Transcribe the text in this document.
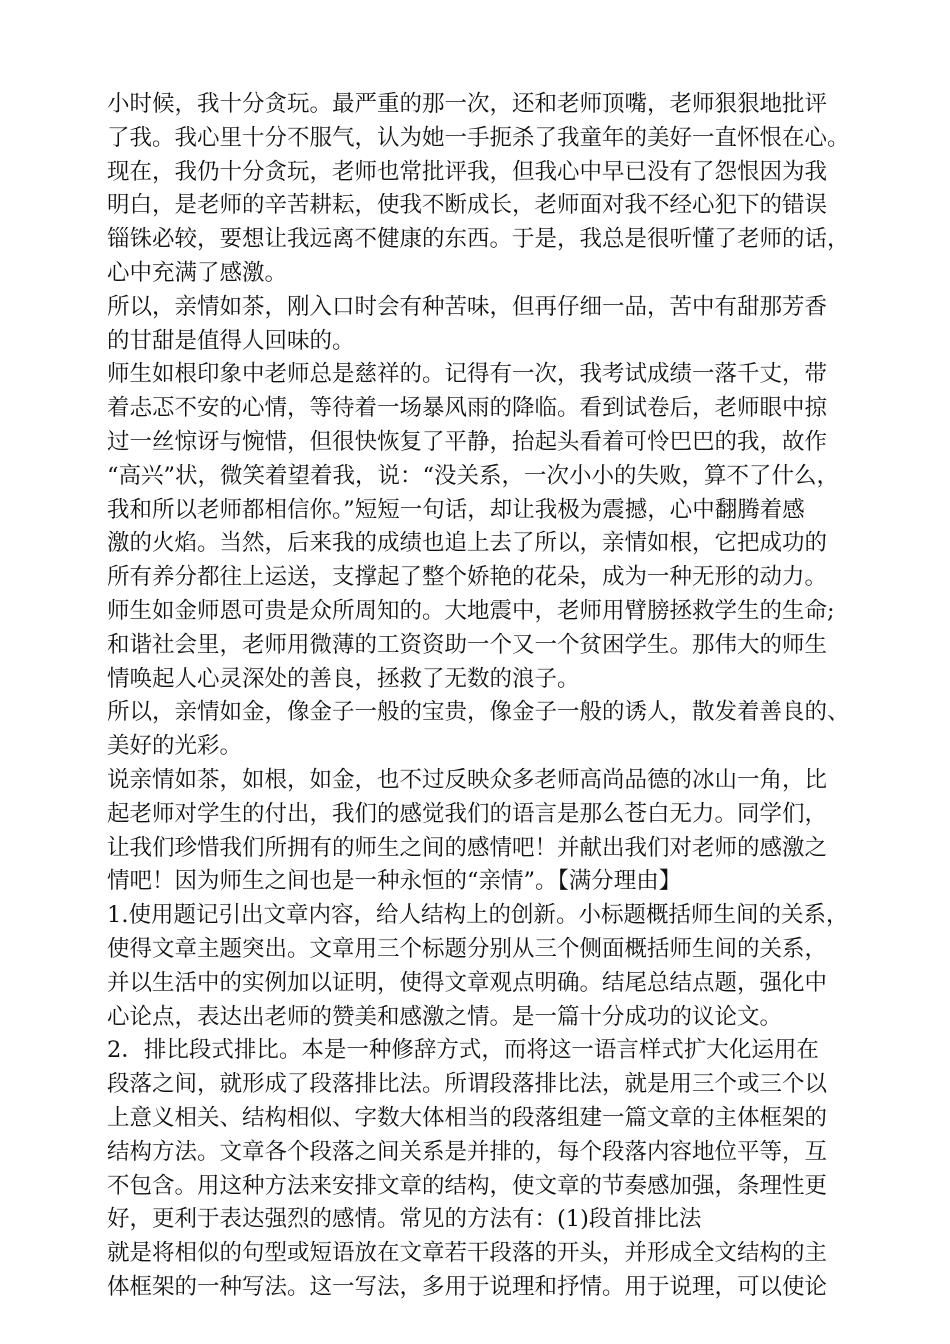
小时候，我十分贪玩。最严重的那一次，还和老师顶嘴，老师狠狠地批评
了我。我心里十分不服气，认为她一手扼杀了我童年的美好一直怀恨在心。
现在，我仍十分贪玩，老师也常批评我，但我心中早已没有了怨恨因为我
明白，是老师的辛苦耕耘，使我不断成长，老师面对我不经心犯下的错误
锱铢必较，要想让我远离不健康的东西。于是，我总是很听懂了老师的话，
心中充满了感激。
所以，亲情如茶，刚入口时会有种苦味，但再仔细一品，苦中有甜那芳香
的甘甜是值得人回味的。
师生如根印象中老师总是慈祥的。记得有一次，我考试成绩一落千丈，带
着忐忑不安的心情，等待着一场暴风雨的降临。看到试卷后，老师眼中掠
过一丝惊讶与惋惜，但很快恢复了平静，抬起头看着可怜巴巴的我，故作
“高兴”状，微笑着望着我，说：“没关系，一次小小的失败，算不了什么，
我和所以老师都相信你。”短短一句话，却让我极为震撼，心中翻腾着感
激的火焰。当然，后来我的成绩也追上去了所以，亲情如根，它把成功的
所有养分都往上运送，支撑起了整个娇艳的花朵，成为一种无形的动力。
师生如金师恩可贵是众所周知的。大地震中，老师用臂膀拯救学生的生命;
和谐社会里，老师用微薄的工资资助一个又一个贫困学生。那伟大的师生
情唤起人心灵深处的善良，拯救了无数的浪子。
所以，亲情如金，像金子一般的宝贵，像金子一般的诱人，散发着善良的、
美好的光彩。
说亲情如茶，如根，如金，也不过反映众多老师高尚品德的冰山一角，比
起老师对学生的付出，我们的感觉我们的语言是那么苍白无力。同学们，
让我们珍惜我们所拥有的师生之间的感情吧！并献出我们对老师的感激之
情吧！因为师生之间也是一种永恒的“亲情”。【满分理由】
1.使用题记引出文章内容，给人结构上的创新。小标题概括师生间的关系，
使得文章主题突出。文章用三个标题分别从三个侧面概括师生间的关系，
并以生活中的实例加以证明，使得文章观点明确。结尾总结点题，强化中
心论点，表达出老师的赞美和感激之情。是一篇十分成功的议论文。
2．排比段式排比。本是一种修辞方式，而将这一语言样式扩大化运用在
段落之间，就形成了段落排比法。所谓段落排比法，就是用三个或三个以
上意义相关、结构相似、字数大体相当的段落组建一篇文章的主体框架的
结构方法。文章各个段落之间关系是并排的，每个段落内容地位平等，互
不包含。用这种方法来安排文章的结构，使文章的节奏感加强，条理性更
好，更利于表达强烈的感情。常见的方法有：(1)段首排比法
就是将相似的句型或短语放在文章若干段落的开头，并形成全文结构的主
体框架的一种写法。这一写法，多用于说理和抒情。用于说理，可以使论
